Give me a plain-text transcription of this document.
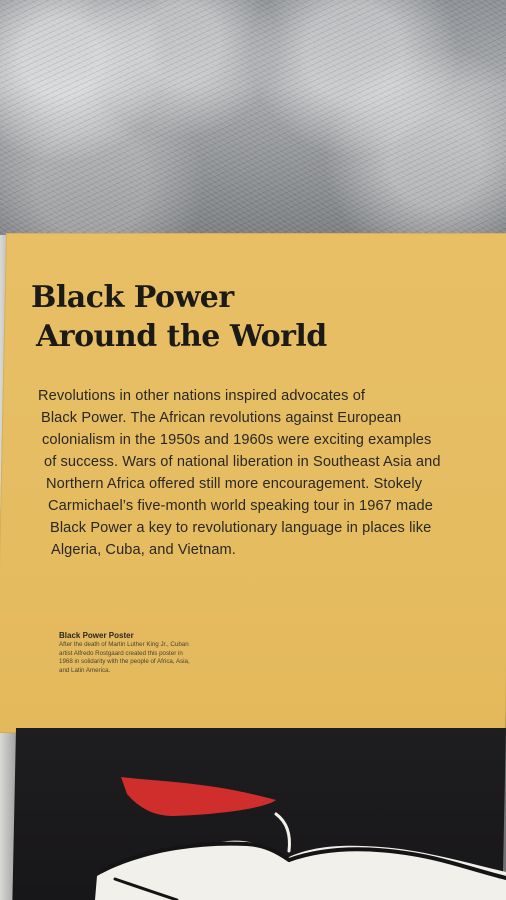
Black Power
Around the World

Revolutions in other nations inspired advocates of
Black Power. The African revolutions against European
colonialism in the 1950s and 1960s were exciting examples
of success. Wars of national liberation in Southeast Asia and
Northern Africa offered still more encouragement. Stokely
Carmichael’s five-month world speaking tour in 1967 made
Black Power a key to revolutionary language in places like
Algeria, Cuba, and Vietnam.

Black Power Poster

After the death of Martin Luther King Jr., Cuban
artist Alfredo Rostgaard created this poster in
1968 in solidarity with the people of Africa, Asia,
and Latin America.
